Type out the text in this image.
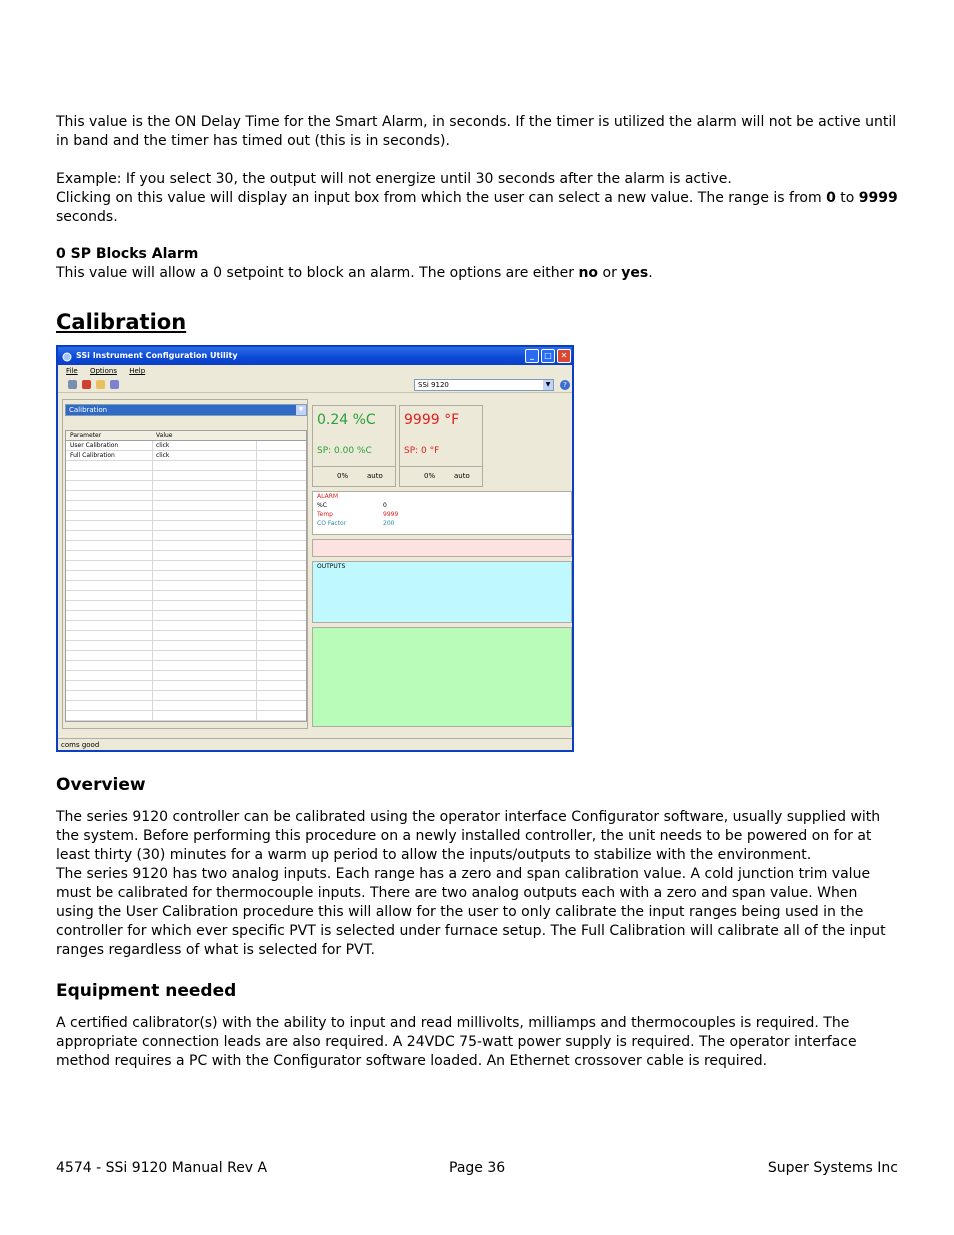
This value is the ON Delay Time for the Smart Alarm, in seconds. If the timer is utilized the alarm will not be active until in band and the timer has timed out (this is in seconds).

Example: If you select 30, the output will not energize until 30 seconds after the alarm is active.
Clicking on this value will display an input box from which the user can select a new value. The range is from 0 to 9999 seconds.

0 SP Blocks Alarm
This value will allow a 0 setpoint to block an alarm. The options are either no or yes.

Calibration
SSi Instrument Configuration Utility	_	□	✕
File Options Help
SSi 9120	▼	?
Calibration	▼
Parameter	Value
User Calibration	click
Full Calibration	click
0.24 %C
SP: 0.00 %C
0%	auto
9999 °F
SP: 0 °F
0%	auto
ALARM
%C	0
Temp	9999
CO Factor	200
OUTPUTS
coms good
Overview

The series 9120 controller can be calibrated using the operator interface Configurator software, usually supplied with the system. Before performing this procedure on a newly installed controller, the unit needs to be powered on for at least thirty (30) minutes for a warm up period to allow the inputs/outputs to stabilize with the environment.
The series 9120 has two analog inputs. Each range has a zero and span calibration value. A cold junction trim value must be calibrated for thermocouple inputs. There are two analog outputs each with a zero and span value. When using the User Calibration procedure this will allow for the user to only calibrate the input ranges being used in the controller for which ever specific PVT is selected under furnace setup. The Full Calibration will calibrate all of the input ranges regardless of what is selected for PVT.

Equipment needed

A certified calibrator(s) with the ability to input and read millivolts, milliamps and thermocouples is required. The appropriate connection leads are also required. A 24VDC 75-watt power supply is required. The operator interface method requires a PC with the Configurator software loaded. An Ethernet crossover cable is required.

4574 - SSi 9120 Manual Rev A	Page 36	Super Systems Inc
